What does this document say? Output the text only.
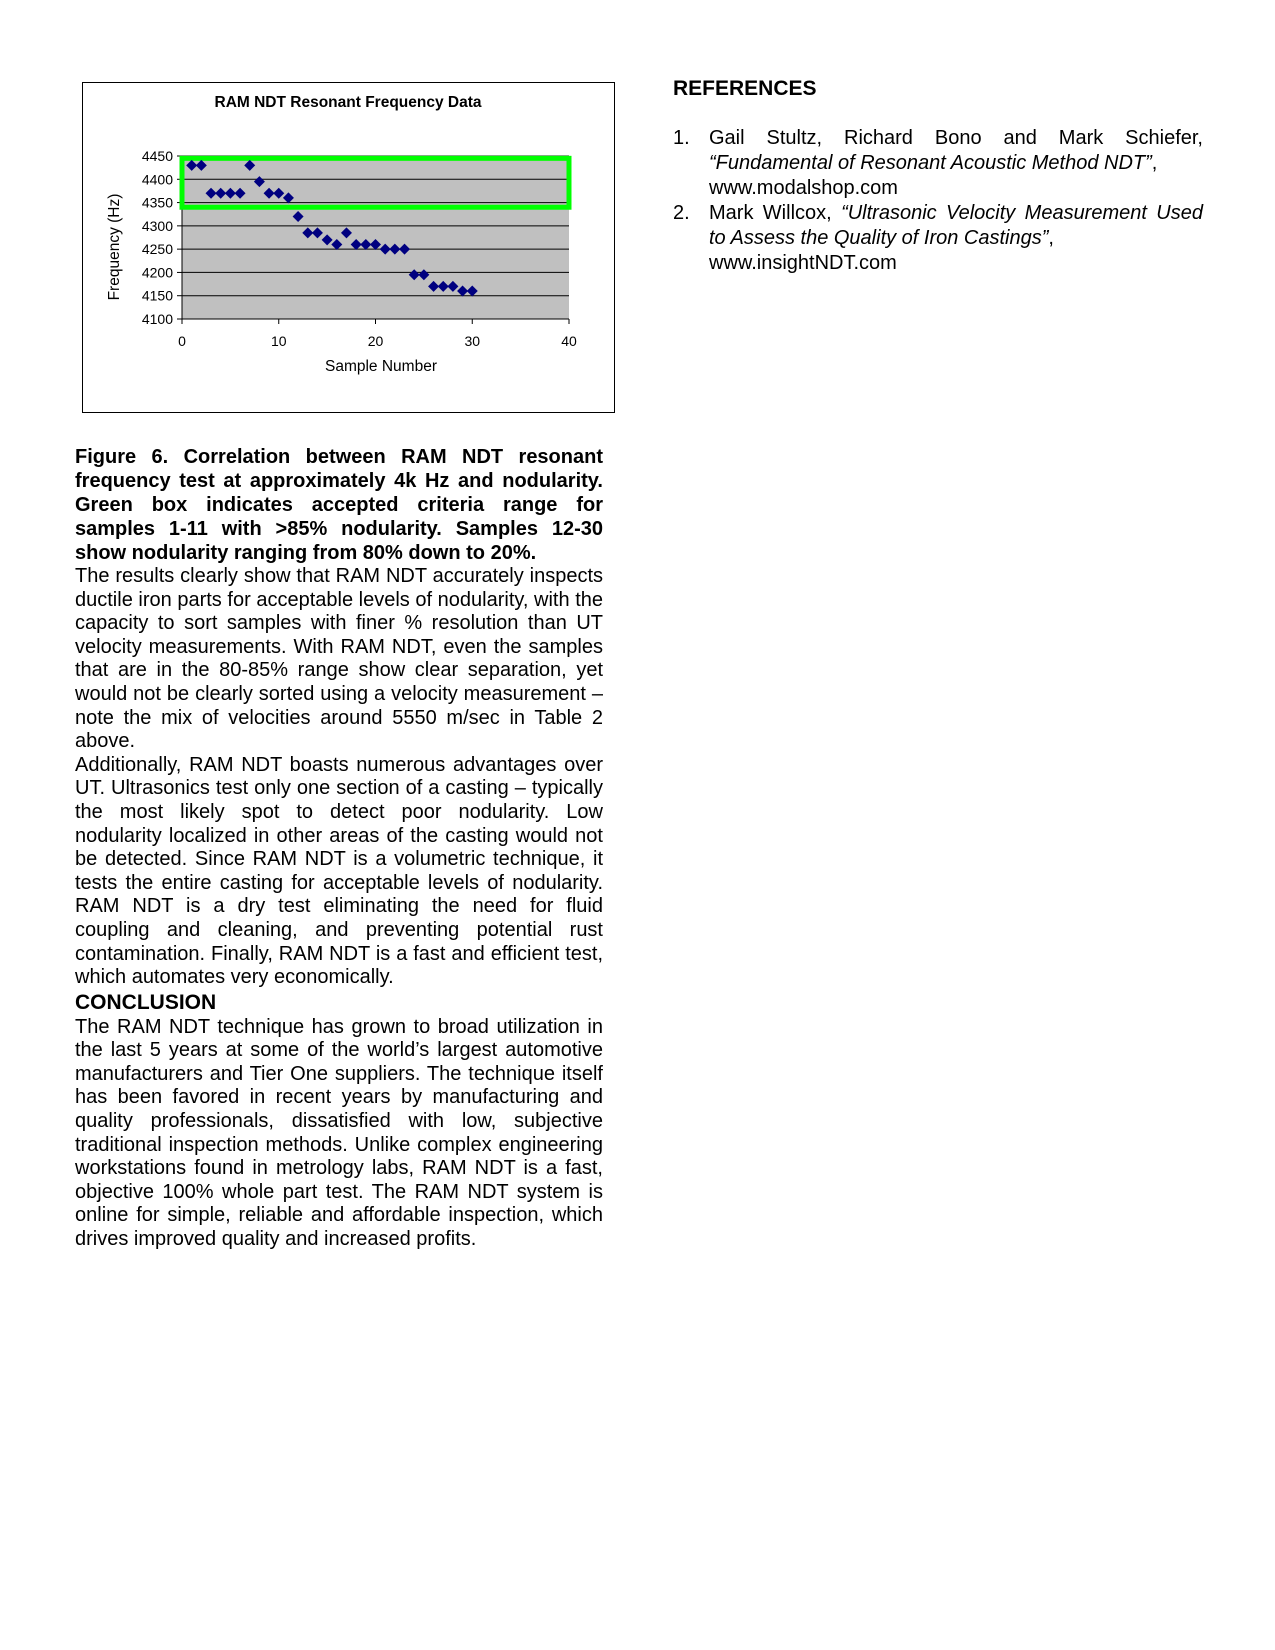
RAM NDT Resonant Frequency Data
4100
4150
4200
4250
4300
4350
4400
4450
0	10	20	30	40
Sample Number
Frequency (Hz)
Figure 6. Correlation between RAM NDT resonant frequency test at approximately 4k Hz and nodularity. Green box indicates accepted criteria range for samples 1-11 with >85% nodularity. Samples 12-30 show nodularity ranging from 80% down to 20%.

The results clearly show that RAM NDT accurately inspects ductile iron parts for acceptable levels of nodularity, with the capacity to sort samples with finer % resolution than UT velocity measurements. With RAM NDT, even the samples that are in the 80-85% range show clear separation, yet would not be clearly sorted using a velocity measurement – note the mix of velocities around 5550 m/sec in Table 2 above.

Additionally, RAM NDT boasts numerous advantages over UT. Ultrasonics test only one section of a casting – typically the most likely spot to detect poor nodularity. Low nodularity localized in other areas of the casting would not be detected. Since RAM NDT is a volumetric technique, it tests the entire casting for acceptable levels of nodularity. RAM NDT is a dry test eliminating the need for fluid coupling and cleaning, and preventing potential rust contamination. Finally, RAM NDT is a fast and efficient test, which automates very economically.

CONCLUSION

The RAM NDT technique has grown to broad utilization in the last 5 years at some of the world’s largest automotive manufacturers and Tier One suppliers. The technique itself has been favored in recent years by manufacturing and quality professionals, dissatisfied with low, subjective traditional inspection methods. Unlike complex engineering workstations found in metrology labs, RAM NDT is a fast, objective 100% whole part test. The RAM NDT system is online for simple, reliable and affordable inspection, which drives improved quality and increased profits.

REFERENCES
1. Gail Stultz, Richard Bono and Mark Schiefer, “Fundamental of Resonant Acoustic Method NDT”,
www.modalshop.com
2. Mark Willcox, “Ultrasonic Velocity Measurement Used to Assess the Quality of Iron Castings”,
www.insightNDT.com
